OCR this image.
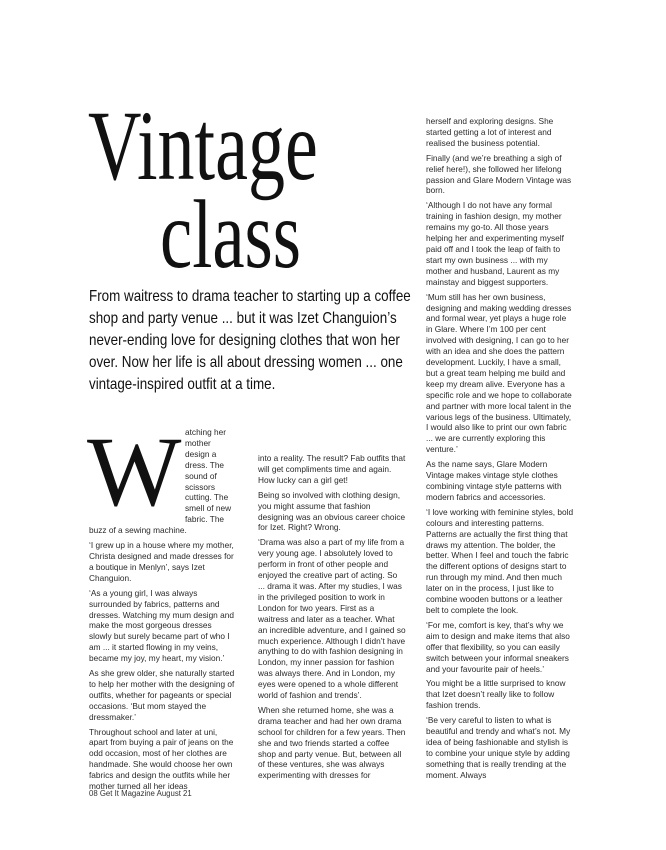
Vintage
class

From waitress to drama teacher to starting up a coffee shop and party venue ... but it was Izet Changuion’s never-ending love for designing clothes that won her over. Now her life is all about dressing women ... one vintage-inspired outfit at a time.

W atching her mother design a dress. The sound of scissors cutting. The smell of new fabric. The buzz of a sewing machine.

‘I grew up in a house where my mother, Christa designed and made dresses for a boutique in Menlyn’, says Izet Changuion.

‘As a young girl, I was always surrounded by fabrics, patterns and dresses. Watching my mum design and make the most gorgeous dresses slowly but surely became part of who I am ... it started flowing in my veins, became my joy, my heart, my vision.’

As she grew older, she naturally started to help her mother with the designing of outfits, whether for pageants or special occasions. ‘But mom stayed the dressmaker.’

Throughout school and later at uni, apart from buying a pair of jeans on the odd occasion, most of her clothes are handmade. She would choose her own fabrics and design the outfits while her mother turned all her ideas

into a reality. The result? Fab outfits that will get compliments time and again. How lucky can a girl get!

Being so involved with clothing design, you might assume that fashion designing was an obvious career choice for Izet. Right? Wrong.

‘Drama was also a part of my life from a very young age. I absolutely loved to perform in front of other people and enjoyed the creative part of acting. So ... drama it was. After my studies, I was in the privileged position to work in London for two years. First as a waitress and later as a teacher. What an incredible adventure, and I gained so much experience. Although I didn’t have anything to do with fashion designing in London, my inner passion for fashion was always there. And in London, my eyes were opened to a whole different world of fashion and trends’.

When she returned home, she was a drama teacher and had her own drama school for children for a few years. Then she and two friends started a coffee shop and party venue. But, between all of these ventures, she was always experimenting with dresses for

herself and exploring designs. She started getting a lot of interest and realised the business potential.

Finally (and we’re breathing a sigh of relief here!), she followed her lifelong passion and Glare Modern Vintage was born.

‘Although I do not have any formal training in fashion design, my mother remains my go-to. All those years helping her and experimenting myself paid off and I took the leap of faith to start my own business ... with my mother and husband, Laurent as my mainstay and biggest supporters.

‘Mum still has her own business, designing and making wedding dresses and formal wear, yet plays a huge role in Glare. Where I’m 100 per cent involved with designing, I can go to her with an idea and she does the pattern development. Luckily, I have a small, but a great team helping me build and keep my dream alive. Everyone has a specific role and we hope to collaborate and partner with more local talent in the various legs of the business. Ultimately, I would also like to print our own fabric ... we are currently exploring this venture.’

As the name says, Glare Modern Vintage makes vintage style clothes combining vintage style patterns with modern fabrics and accessories.

‘I love working with feminine styles, bold colours and interesting patterns. Patterns are actually the first thing that draws my attention. The bolder, the better. When I feel and touch the fabric the different options of designs start to run through my mind. And then much later on in the process, I just like to combine wooden buttons or a leather belt to complete the look.

‘For me, comfort is key, that’s why we aim to design and make items that also offer that flexibility, so you can easily switch between your informal sneakers and your favourite pair of heels.’

You might be a little surprised to know that Izet doesn’t really like to follow fashion trends.

‘Be very careful to listen to what is beautiful and trendy and what’s not. My idea of being fashionable and stylish is to combine your unique style by adding something that is really trending at the moment. Always

08 Get It Magazine August 21
